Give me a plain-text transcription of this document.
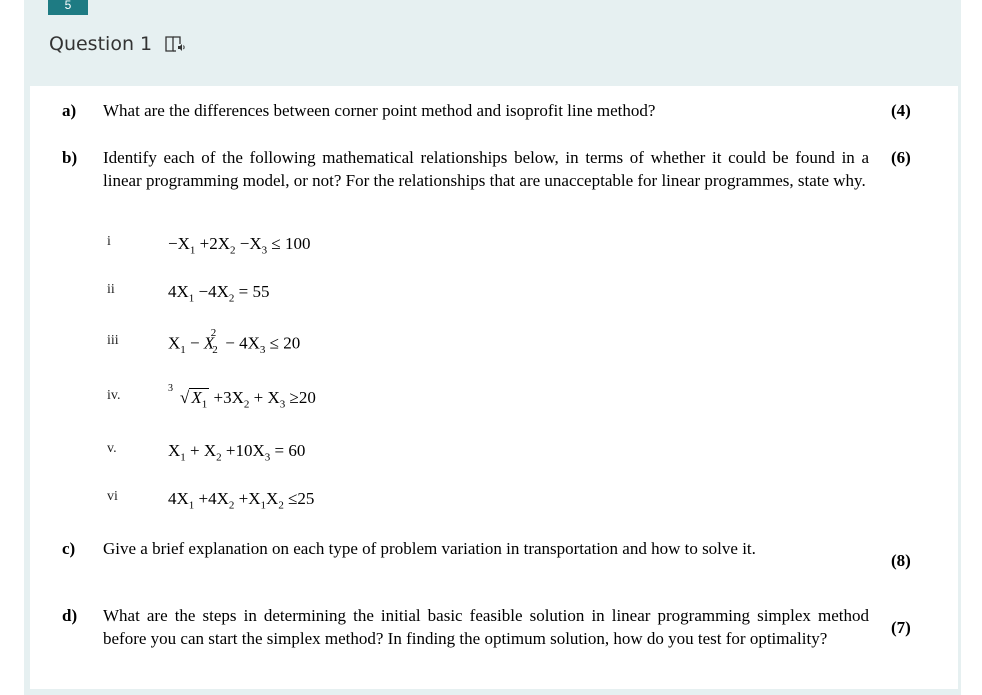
5
Question 1
a) What are the differences between corner point method and isoprofit line method?	(4)
b) Identify each of the following mathematical relationships below, in terms of whether it could be found in a linear programming model, or not? For the relationships that are unacceptable for linear programmes, state why.
(6)
i	$-X_1 +2X_2 -X_3 \le 100$
ii	$4X_1 -4X_2 = 55$
iii	$X_1 - X_2^2- 4X_3 \le 20$
iv.	3 √ $X_1 +3X_2 + X_3 \ge 20$
v.	$X_1 + X_2 +10X_3 = 60$
vi	$4X_1 +4X_2 +X_1X_2 \le 25$
c) Give a brief explanation on each type of problem variation in transportation and how to solve it.
(8)
d) What are the steps in determining the initial basic feasible solution in linear programming simplex method before you can start the simplex method? In finding the optimum solution, how do you test for optimality?
(7)
